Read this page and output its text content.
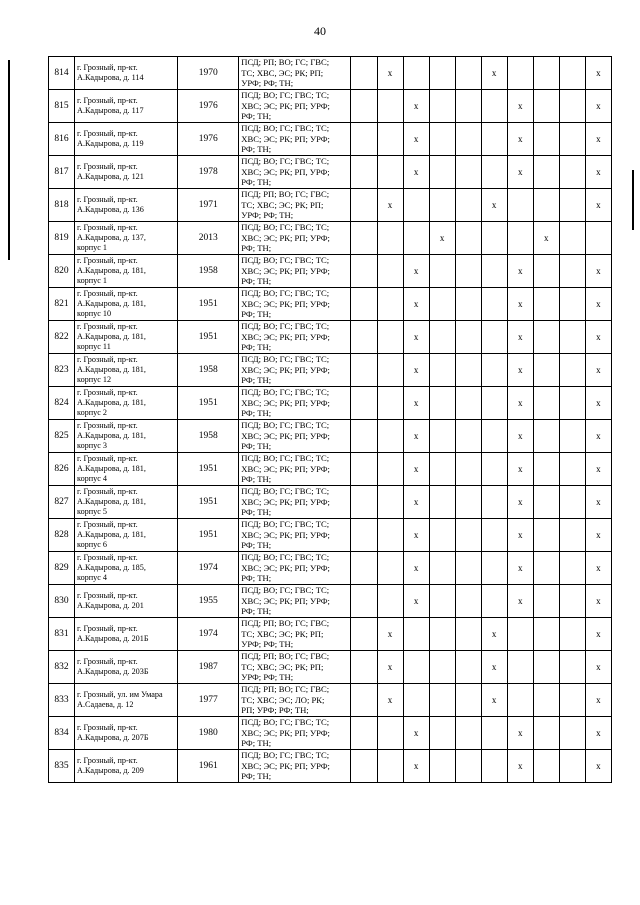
40
814	г. Грозный, пр-кт.
А.Кадырова, д. 114	1970	ПСД; РП; ВО; ГС; ГВС;
ТС; ХВС, ЭС; РК; РП;
УРФ; РФ; ТН;		x				x				x
815	г. Грозный, пр-кт.
А.Кадырова, д. 117	1976	ПСД; ВО; ГС; ГВС; ТС;
ХВС; ЭС; РК; РП; УРФ;
РФ; ТН;			x				x			x
816	г. Грозный, пр-кт.
А.Кадырова, д. 119	1976	ПСД; ВО; ГС; ГВС; ТС;
ХВС; ЭС; РК; РП; УРФ;
РФ; ТН;			x				x			x
817	г. Грозный, пр-кт.
А.Кадырова, д. 121	1978	ПСД; ВО; ГС; ГВС; ТС;
ХВС; ЭС; РК; РП, УРФ;
РФ; ТН;			x				x			x
818	г. Грозный, пр-кт.
А.Кадырова, д. 136	1971	ПСД; РП; ВО; ГС; ГВС;
ТС; ХВС; ЭС; РК; РП;
УРФ; РФ; ТН;		x				x				x
819	г. Грозный, пр-кт.
А.Кадырова, д. 137,
корпус 1	2013	ПСД; ВО; ГС; ГВС; ТС;
ХВС; ЭС; РК; РП; УРФ;
РФ; ТН;				x				x		
820	г. Грозный, пр-кт.
А.Кадырова, д. 181,
корпус 1	1958	ПСД; ВО; ГС; ГВС; ТС;
ХВС; ЭС; РК; РП; УРФ;
РФ; ТН;			x				x			x
821	г. Грозный, пр-кт.
А.Кадырова, д. 181,
корпус 10	1951	ПСД; ВО; ГС; ГВС; ТС;
ХВС; ЭС; РК; РП; УРФ;
РФ; ТН;			x				x			x
822	г. Грозный, пр-кт.
А.Кадырова, д. 181,
корпус 11	1951	ПСД; ВО; ГС; ГВС; ТС;
ХВС; ЭС; РК; РП; УРФ;
РФ; ТН;			x				x			x
823	г. Грозный, пр-кт.
А.Кадырова, д. 181,
корпус 12	1958	ПСД; ВО; ГС; ГВС; ТС;
ХВС; ЭС; РК; РП; УРФ;
РФ; ТН;			x				x			x
824	г. Грозный, пр-кт.
А.Кадырова, д. 181,
корпус 2	1951	ПСД; ВО; ГС; ГВС; ТС;
ХВС; ЭС; РК; РП; УРФ;
РФ; ТН;			x				x			x
825	г. Грозный, пр-кт.
А.Кадырова, д. 181,
корпус 3	1958	ПСД; ВО; ГС; ГВС; ТС;
ХВС; ЭС; РК; РП; УРФ;
РФ; ТН;			x				x			x
826	г. Грозный, пр-кт.
А.Кадырова, д. 181,
корпус 4	1951	ПСД; ВО; ГС; ГВС; ТС;
ХВС; ЭС; РК; РП; УРФ;
РФ; ТН;			x				x			x
827	г. Грозный, пр-кт.
А.Кадырова, д. 181,
корпус 5	1951	ПСД; ВО; ГС; ГВС; ТС;
ХВС; ЭС; РК; РП; УРФ;
РФ; ТН;			x				x			x
828	г. Грозный, пр-кт.
А.Кадырова, д. 181,
корпус 6	1951	ПСД; ВО; ГС; ГВС; ТС;
ХВС; ЭС; РК; РП; УРФ;
РФ; ТН;			x				x			x
829	г. Грозный, пр-кт.
А.Кадырова, д. 185,
корпус 4	1974	ПСД; ВО; ГС; ГВС; ТС;
ХВС; ЭС; РК; РП; УРФ;
РФ; ТН;			x				x			x
830	г. Грозный, пр-кт.
А.Кадырова, д. 201	1955	ПСД; ВО; ГС; ГВС; ТС;
ХВС; ЭС; РК; РП; УРФ;
РФ; ТН;			x				x			x
831	г. Грозный, пр-кт.
А.Кадырова, д. 201Б	1974	ПСД; РП; ВО; ГС; ГВС;
ТС; ХВС; ЭС; РК; РП;
УРФ; РФ; ТН;		x				x				x
832	г. Грозный, пр-кт.
А.Кадырова, д. 203Б	1987	ПСД; РП; ВО; ГС; ГВС;
ТС; ХВС; ЭС; РК; РП;
УРФ; РФ; ТН;		x				x				x
833	г. Грозный, ул. им Умара
А.Садаева, д. 12	1977	ПСД; РП; ВО; ГС; ГВС;
ТС; ХВС; ЭС; ЛО; РК;
РП; УРФ; РФ; ТН;		x				x				x
834	г. Грозный, пр-кт.
А.Кадырова, д. 207Б	1980	ПСД; ВО; ГС; ГВС; ТС;
ХВС; ЭС; РК; РП; УРФ;
РФ; ТН;			x				x			x
835	г. Грозный, пр-кт.
А.Кадырова, д. 209	1961	ПСД; ВО; ГС; ГВС; ТС;
ХВС; ЭС; РК; РП; УРФ;
РФ; ТН;			x				x			x
